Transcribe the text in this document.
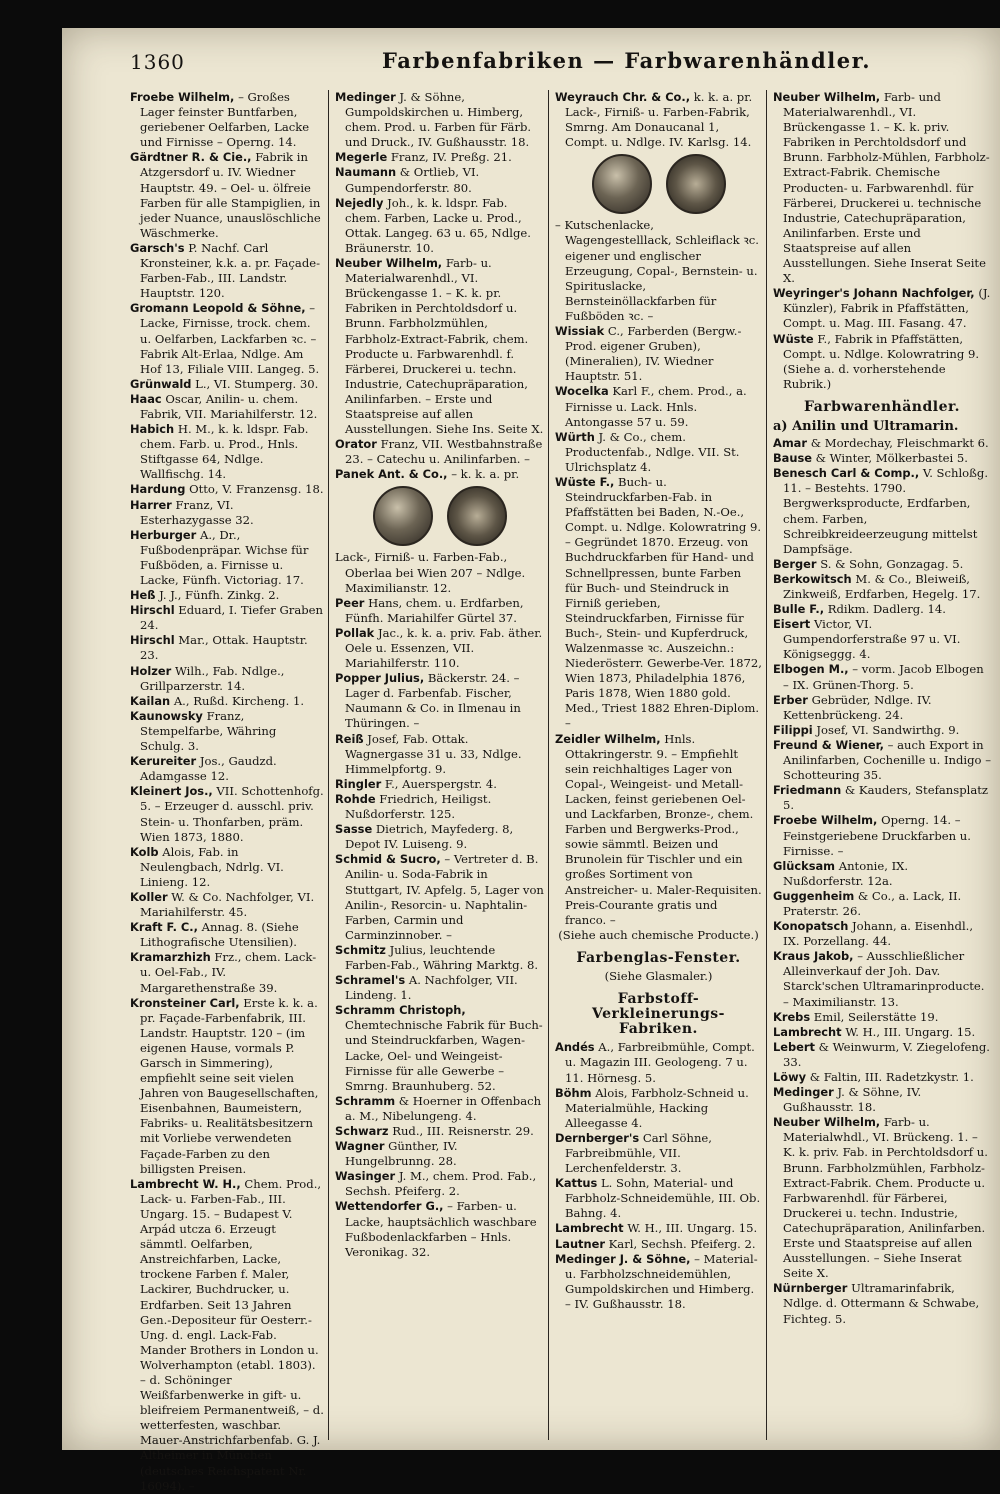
1360	Farbenfabriken — Farbwarenhändler.

Froebe Wilhelm, – Großes Lager feinster Buntfarben, geriebener Oelfarben, Lacke und Firnisse – Operng. 14.

Gärdtner R. & Cie., Fabrik in Atzgersdorf u. IV. Wiedner Hauptstr. 49. – Oel- u. ölfreie Farben für alle Stampiglien, in jeder Nuance, unauslöschliche Wäschmerke.

Garsch's P. Nachf. Carl Kronsteiner, k.k. a. pr. Façade-Farben-Fab., III. Landstr. Hauptstr. 120.

Gromann Leopold & Söhne, – Lacke, Firnisse, trock. chem. u. Oelfarben, Lackfarben ꝛc. – Fabrik Alt-Erlaa, Ndlge. Am Hof 13, Filiale VIII. Langeg. 5.

Grünwald L., VI. Stumperg. 30.

Haac Oscar, Anilin- u. chem. Fabrik, VII. Mariahilferstr. 12.

Habich H. M., k. k. ldspr. Fab. chem. Farb. u. Prod., Hnls. Stiftgasse 64, Ndlge. Wallfischg. 14.

Hardung Otto, V. Franzensg. 18.

Harrer Franz, VI. Esterhazygasse 32.

Herburger A., Dr., Fußbodenpräpar. Wichse für Fußböden, a. Firnisse u. Lacke, Fünfh. Victoriag. 17.

Heß J. J., Fünfh. Zinkg. 2.

Hirschl Eduard, I. Tiefer Graben 24.

Hirschl Mar., Ottak. Hauptstr. 23.

Holzer Wilh., Fab. Ndlge., Grillparzerstr. 14.

Kailan A., Rußd. Kircheng. 1.

Kaunowsky Franz, Stempelfarbe, Währing Schulg. 3.

Kerureiter Jos., Gaudzd. Adamgasse 12.

Kleinert Jos., VII. Schottenhofg. 5. – Erzeuger d. ausschl. priv. Stein- u. Thonfarben, präm. Wien 1873, 1880.

Kolb Alois, Fab. in Neulengbach, Ndrlg. VI. Linieng. 12.

Koller W. & Co. Nachfolger, VI. Mariahilferstr. 45.

Kraft F. C., Annag. 8. (Siehe Lithografische Utensilien).

Kramarzhizh Frz., chem. Lack- u. Oel-Fab., IV. Margarethenstraße 39.

Kronsteiner Carl, Erste k. k. a. pr. Façade-Farbenfabrik, III. Landstr. Hauptstr. 120 – (im eigenen Hause, vormals P. Garsch in Simmering), empfiehlt seine seit vielen Jahren von Baugesellschaften, Eisenbahnen, Baumeistern, Fabriks- u. Realitätsbesitzern mit Vorliebe verwendeten Façade-Farben zu den billigsten Preisen.

Lambrecht W. H., Chem. Prod., Lack- u. Farben-Fab., III. Ungarg. 15. – Budapest V. Arpád utcza 6. Erzeugt sämmtl. Oelfarben, Anstreichfarben, Lacke, trockene Farben f. Maler, Lackirer, Buchdrucker, u. Erdfarben. Seit 13 Jahren Gen.-Depositeur für Oesterr.-Ung. d. engl. Lack-Fab. Mander Brothers in London u. Wolverhampton (etabl. 1803). – d. Schöninger Weißfarbenwerke in gift- u. bleifreiem Permanentweiß, – d. wetterfesten, waschbar. Mauer-Anstrichfarbenfab. G. J. Altheimer in München (deutsches Reichspatent Nr. 16094). –

Medinger J. & Söhne, Gumpoldskirchen u. Himberg, chem. Prod. u. Farben für Färb. und Druck., IV. Gußhausstr. 18.

Megerle Franz, IV. Preßg. 21.

Naumann & Ortlieb, VI. Gumpendorferstr. 80.

Nejedly Joh., k. k. ldspr. Fab. chem. Farben, Lacke u. Prod., Ottak. Langeg. 63 u. 65, Ndlge. Bräunerstr. 10.

Neuber Wilhelm, Farb- u. Materialwarenhdl., VI. Brückengasse 1. – K. k. pr. Fabriken in Perchtoldsdorf u. Brunn. Farbholzmühlen, Farbholz-Extract-Fabrik, chem. Producte u. Farbwarenhdl. f. Färberei, Druckerei u. techn. Industrie, Catechupräparation, Anilinfarben. – Erste und Staatspreise auf allen Ausstellungen. Siehe Ins. Seite X.

Orator Franz, VII. Westbahnstraße 23. – Catechu u. Anilinfarben. –

Panek Ant. & Co., – k. k. a. pr.

Lack-, Firniß- u. Farben-Fab., Oberlaa bei Wien 207 – Ndlge. Maximilianstr. 12.

Peer Hans, chem. u. Erdfarben, Fünfh. Mariahilfer Gürtel 37.

Pollak Jac., k. k. a. priv. Fab. äther. Oele u. Essenzen, VII. Mariahilferstr. 110.

Popper Julius, Bäckerstr. 24. – Lager d. Farbenfab. Fischer, Naumann & Co. in Ilmenau in Thüringen. –

Reiß Josef, Fab. Ottak. Wagnergasse 31 u. 33, Ndlge. Himmelpfortg. 9.

Ringler F., Auerspergstr. 4.

Rohde Friedrich, Heiligst. Nußdorferstr. 125.

Sasse Dietrich, Mayfederg. 8, Depot IV. Luiseng. 9.

Schmid & Sucro, – Vertreter d. B. Anilin- u. Soda-Fabrik in Stuttgart, IV. Apfelg. 5, Lager von Anilin-, Resorcin- u. Naphtalin-Farben, Carmin und Carminzinnober. –

Schmitz Julius, leuchtende Farben-Fab., Währing Marktg. 8.

Schramel's A. Nachfolger, VII. Lindeng. 1.

Schramm Christoph, Chemtechnische Fabrik für Buch- und Steindruckfarben, Wagen-Lacke, Oel- und Weingeist-Firnisse für alle Gewerbe – Smrng. Braunhuberg. 52.

Schramm & Hoerner in Offenbach a. M., Nibelungeng. 4.

Schwarz Rud., III. Reisnerstr. 29.

Wagner Günther, IV. Hungelbrunng. 28.

Wasinger J. M., chem. Prod. Fab., Sechsh. Pfeiferg. 2.

Wettendorfer G., – Farben- u. Lacke, hauptsächlich waschbare Fußbodenlackfarben – Hnls. Veronikag. 32.

Weyrauch Chr. & Co., k. k. a. pr. Lack-, Firniß- u. Farben-Fabrik, Smrng. Am Donaucanal 1, Compt. u. Ndlge. IV. Karlsg. 14.

– Kutschenlacke, Wagengestelllack, Schleiflack ꝛc. eigener und englischer Erzeugung, Copal-, Bernstein- u. Spirituslacke, Bernsteinöllackfarben für Fußböden ꝛc. –

Wissiak C., Farberden (Bergw.-Prod. eigener Gruben), (Mineralien), IV. Wiedner Hauptstr. 51.

Wocelka Karl F., chem. Prod., a. Firnisse u. Lack. Hnls. Antongasse 57 u. 59.

Würth J. & Co., chem. Productenfab., Ndlge. VII. St. Ulrichsplatz 4.

Wüste F., Buch- u. Steindruckfarben-Fab. in Pfaffstätten bei Baden, N.-Oe., Compt. u. Ndlge. Kolowratring 9. – Gegründet 1870. Erzeug. von Buchdruckfarben für Hand- und Schnellpressen, bunte Farben für Buch- und Steindruck in Firniß gerieben, Steindruckfarben, Firnisse für Buch-, Stein- und Kupferdruck, Walzenmasse ꝛc. Auszeichn.: Niederösterr. Gewerbe-Ver. 1872, Wien 1873, Philadelphia 1876, Paris 1878, Wien 1880 gold. Med., Triest 1882 Ehren-Diplom. –

Zeidler Wilhelm, Hnls. Ottakringerstr. 9. – Empfiehlt sein reichhaltiges Lager von Copal-, Weingeist- und Metall-Lacken, feinst geriebenen Oel- und Lackfarben, Bronze-, chem. Farben und Bergwerks-Prod., sowie sämmtl. Beizen und Brunolein für Tischler und ein großes Sortiment von Anstreicher- u. Maler-Requisiten. Preis-Courante gratis und franco. –

(Siehe auch chemische Producte.)

Farbenglas-Fenster.

(Siehe Glasmaler.)

Farbstoff-Verkleinerungs-Fabriken.

Andés A., Farbreibmühle, Compt. u. Magazin III. Geologeng. 7 u. 11. Hörnesg. 5.

Böhm Alois, Farbholz-Schneid u. Materialmühle, Hacking Alleegasse 4.

Dernberger's Carl Söhne, Farbreibmühle, VII. Lerchenfelderstr. 3.

Kattus L. Sohn, Material- und Farbholz-Schneidemühle, III. Ob. Bahng. 4.

Lambrecht W. H., III. Ungarg. 15.

Lautner Karl, Sechsh. Pfeiferg. 2.

Medinger J. & Söhne, – Material- u. Farbholzschneidemühlen, Gumpoldskirchen und Himberg. – IV. Gußhausstr. 18.

Neuber Wilhelm, Farb- und Materialwarenhdl., VI. Brückengasse 1. – K. k. priv. Fabriken in Perchtoldsdorf und Brunn. Farbholz-Mühlen, Farbholz-Extract-Fabrik. Chemische Producten- u. Farbwarenhdl. für Färberei, Druckerei u. technische Industrie, Catechupräparation, Anilinfarben. Erste und Staatspreise auf allen Ausstellungen. Siehe Inserat Seite X.

Weyringer's Johann Nachfolger, (J. Künzler), Fabrik in Pfaffstätten, Compt. u. Mag. III. Fasang. 47.

Wüste F., Fabrik in Pfaffstätten, Compt. u. Ndlge. Kolowratring 9. (Siehe a. d. vorherstehende Rubrik.)

Farbwarenhändler.

a) Anilin und Ultramarin.

Amar & Mordechay, Fleischmarkt 6.

Bause & Winter, Mölkerbastei 5.

Benesch Carl & Comp., V. Schloßg. 11. – Bestehts. 1790. Bergwerksproducte, Erdfarben, chem. Farben, Schreibkreideerzeugung mittelst Dampfsäge.

Berger S. & Sohn, Gonzagag. 5.

Berkowitsch M. & Co., Bleiweiß, Zinkweiß, Erdfarben, Hegelg. 17.

Bulle F., Rdikm. Dadlerg. 14.

Eisert Victor, VI. Gumpendorferstraße 97 u. VI. Königseggg. 4.

Elbogen M., – vorm. Jacob Elbogen – IX. Grünen-Thorg. 5.

Erber Gebrüder, Ndlge. IV. Kettenbrückeng. 24.

Filippi Josef, VI. Sandwirthg. 9.

Freund & Wiener, – auch Export in Anilinfarben, Cochenille u. Indigo – Schotteuring 35.

Friedmann & Kauders, Stefansplatz 5.

Froebe Wilhelm, Operng. 14. – Feinstgeriebene Druckfarben u. Firnisse. –

Glücksam Antonie, IX. Nußdorferstr. 12a.

Guggenheim & Co., a. Lack, II. Praterstr. 26.

Konopatsch Johann, a. Eisenhdl., IX. Porzellang. 44.

Kraus Jakob, – Ausschließlicher Alleinverkauf der Joh. Dav. Starck'schen Ultramarinproducte. – Maximilianstr. 13.

Krebs Emil, Seilerstätte 19.

Lambrecht W. H., III. Ungarg. 15.

Lebert & Weinwurm, V. Ziegelofeng. 33.

Löwy & Faltin, III. Radetzkystr. 1.

Medinger J. & Söhne, IV. Gußhausstr. 18.

Neuber Wilhelm, Farb- u. Materialwhdl., VI. Brückeng. 1. – K. k. priv. Fab. in Perchtoldsdorf u. Brunn. Farbholzmühlen, Farbholz-Extract-Fabrik. Chem. Producte u. Farbwarenhdl. für Färberei, Druckerei u. techn. Industrie, Catechupräparation, Anilinfarben. Erste und Staatspreise auf allen Ausstellungen. – Siehe Inserat Seite X.

Nürnberger Ultramarinfabrik, Ndlge. d. Ottermann & Schwabe, Fichteg. 5.
